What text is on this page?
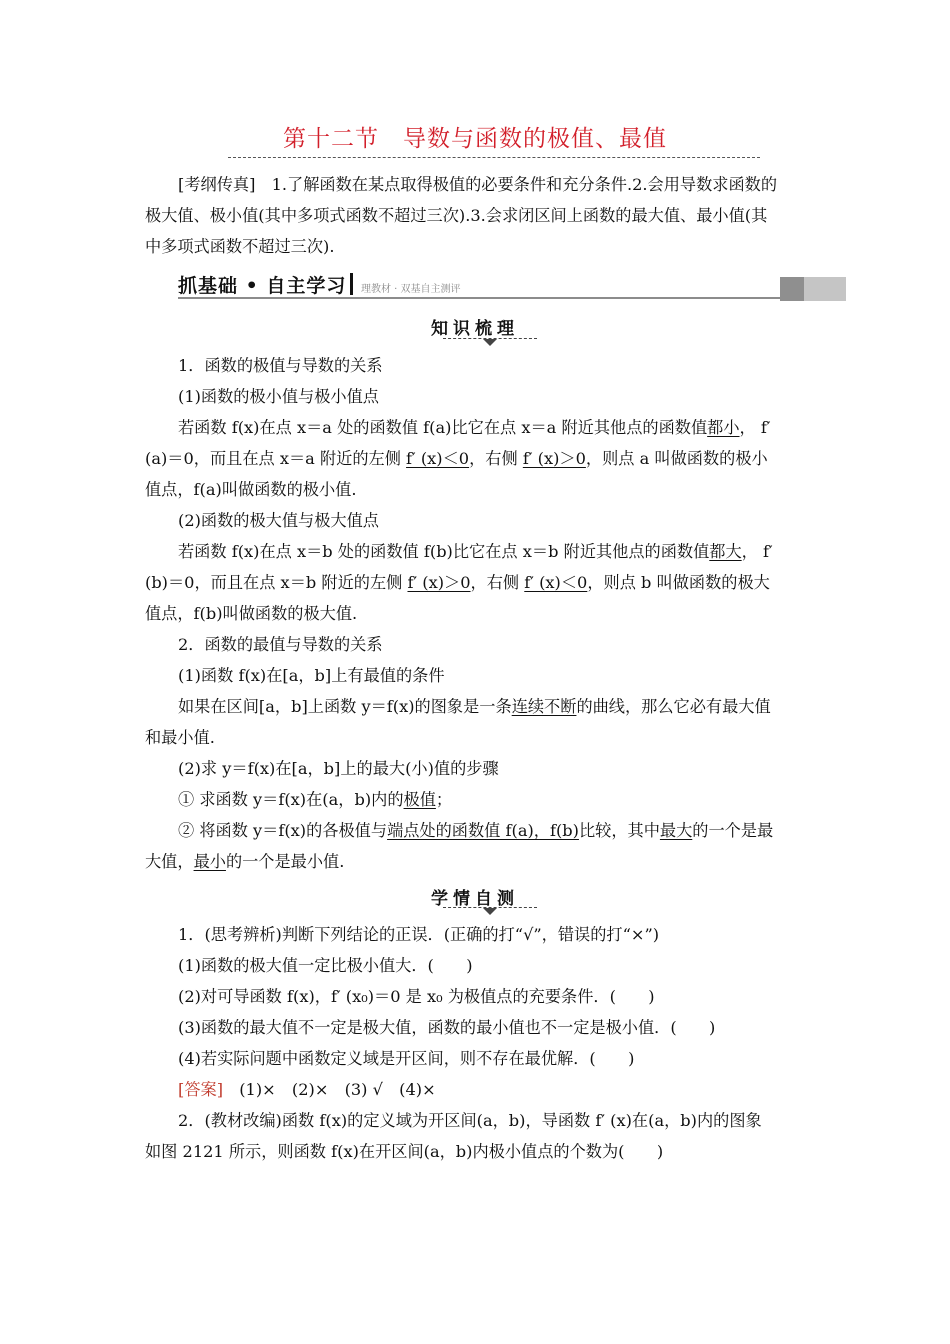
第十二节　导数与函数的极值、最值
[考纲传真]　 1.了解函数在某点取得极值的必要条件和充分条件.2.会用导数求函数的
极大值、极小值(其中多项式函数不超过三次).3.会求闭区间上函数的最大值、最小值(其
中多项式函数不超过三次).
抓基础 • 自主学习 理教材 · 双基自主测评
知识梳理
1．函数的极值与导数的关系
(1)函数的极小值与极小值点
若函数 f(x)在点 x＝a 处的函数值 f(a)比它在点 x＝a 附近其他点的函数值都小， f′
(a)＝0，而且在点 x＝a 附近的左侧 f′ (x)＜0，右侧 f′ (x)＞0，则点 a 叫做函数的极小
值点，f(a)叫做函数的极小值.
(2)函数的极大值与极大值点
若函数 f(x)在点 x＝b 处的函数值 f(b)比它在点 x＝b 附近其他点的函数值都大， f′
(b)＝0，而且在点 x＝b 附近的左侧 f′ (x)＞0，右侧 f′ (x)＜0，则点 b 叫做函数的极大
值点，f(b)叫做函数的极大值.
2．函数的最值与导数的关系
(1)函数 f(x)在[a，b]上有最值的条件
如果在区间[a，b]上函数 y＝f(x)的图象是一条连续不断的曲线，那么它必有最大值
和最小值.
(2)求 y＝f(x)在[a，b]上的最大(小)值的步骤
① 求函数 y＝f(x)在(a，b)内的极值；
② 将函数 y＝f(x)的各极值与端点处的函数值 f(a)，f(b)比较，其中最大的一个是最
大值，最小的一个是最小值.
学情自测
1．(思考辨析)判断下列结论的正误．(正确的打“√”，错误的打“×”)
(1)函数的极大值一定比极小值大．(　　)
(2)对可导函数 f(x)，f′ (x₀)＝0 是 x₀ 为极值点的充要条件．(　　)
(3)函数的最大值不一定是极大值，函数的最小值也不一定是极小值．(　　)
(4)若实际问题中函数定义域是开区间，则不存在最优解．(　　)
[答案]　(1)×　(2)×　(3) √　(4)×
2．(教材改编)函数 f(x)的定义域为开区间(a，b)，导函数 f′ (x)在(a，b)内的图象
如图 2121 所示，则函数 f(x)在开区间(a，b)内极小值点的个数为(　　)
